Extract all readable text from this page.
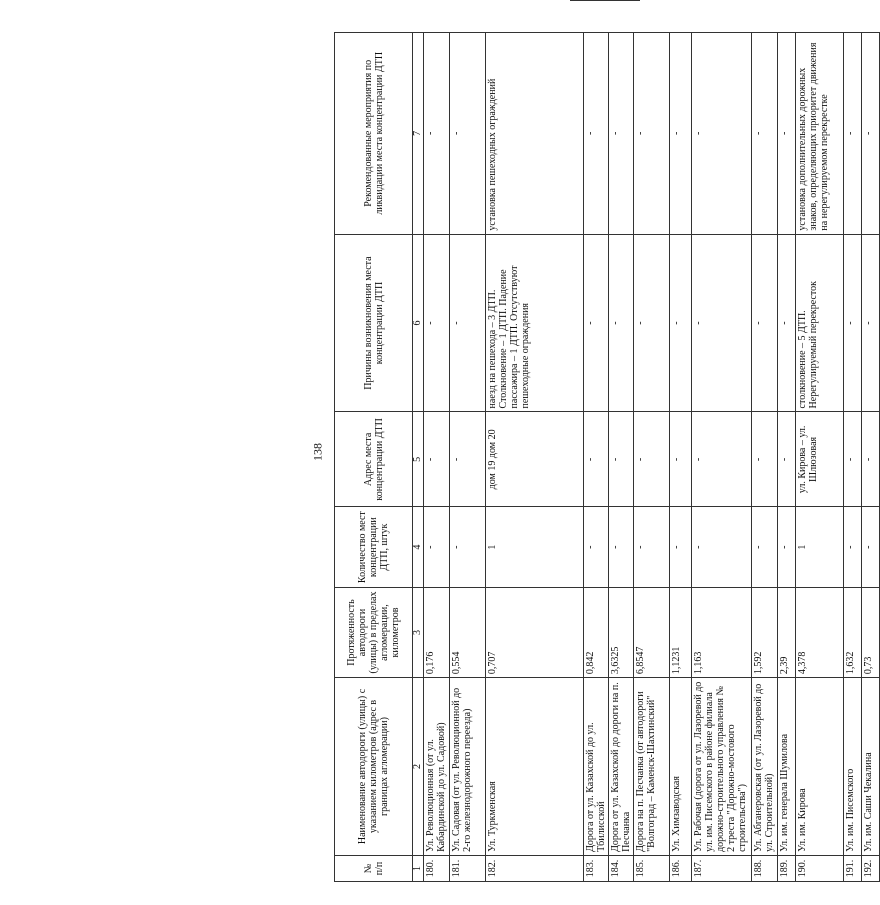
138
№ п/п	Наименование автодороги (улицы) с указанием километров (адрес в границах агломерации)	Протяженность автодороги (улицы) в пределах агломерации, километров	Количество мест концентрации ДТП, штук	Адрес места концентрации ДТП	Причины возникновения места концентрации ДТП	Рекомендованные мероприятия по ликвидации места концентрации ДТП
1	2	3	4	5	6	7
180.	Ул. Революционная (от ул. Кабардинской до ул. Садовой)	0,176	-	-	-	-
181.	Ул. Садовая (от ул. Революционной до 2-го железнодорожного переезда)	0,554	-	-	-	-
182.	Ул. Туркменская	0,707	1	дом 19 дом 20	наезд на пешехода – 3 ДТП. Столкновение – 1 ДТП. Падение пассажира – 1 ДТП. Отсутствуют пешеходные ограждения	установка пешеходных ограждений
183.	Дорога от ул. Казахской до ул. Тбилисской	0,842	-	-	-	-
184.	Дорога от ул. Казахской до дороги на п. Песчанка	3,6325	-	-	-	-
185.	Дорога на п. Песчанка (от автодороги "Волгоград – Каменск-Шахтинский"	6,8547	-	-	-	-
186.	Ул. Химзаводская	1,1231	-	-	-	-
187.	Ул. Рабочая (дорога от ул. Лазоревой до ул. им. Писемского в районе филиала дорожно-строительного управления № 2 треста "Дорожно-мостового строительства")	1,163	-	-	-	-
188.	Ул. Абганеровская (от ул. Лазоревой до ул. Строительной)	1,592	-	-	-	-
189.	Ул. им. генерала Шумилова	2,39	-	-	-	-
190.	Ул. им. Кирова	4,378	1	ул. Кирова – ул. Шлюзовая	столкновение – 5 ДТП. Нерегулируемый перекресток	установка дополнительных дорожных знаков, определяющих приоритет движения на нерегулируемом перекрестке
191.	Ул. им. Писемского	1,632	-	-	-	-
192.	Ул. им. Саши Чекалина	0,73	-	-	-	-
